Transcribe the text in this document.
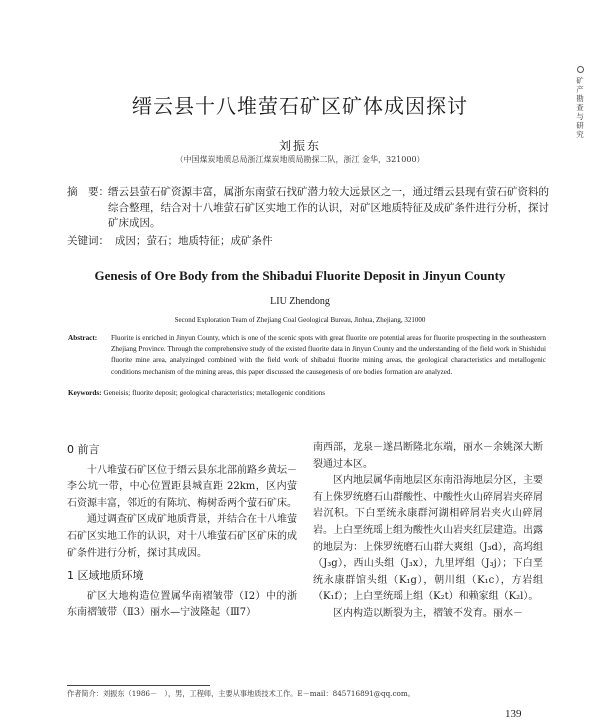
矿产勘查与研究
缙云县十八堆萤石矿区矿体成因探讨
刘振东
（中国煤炭地质总局浙江煤炭地质局勘探二队，浙江 金华，321000）
摘　要： 缙云县萤石矿资源丰富，属浙东南萤石找矿潜力较大远景区之一，通过缙云县现有萤石矿资料的综合整理，结合对十八堆萤石矿区实地工作的认识，对矿区地质特征及成矿条件进行分析，探讨矿床成因。
关键词： 成因；萤石；地质特征；成矿条件
Genesis of Ore Body from the Shibadui Fluorite Deposit in Jinyun County
LIU Zhendong
Second Exploration Team of Zhejiang Coal Geological Bureau, Jinhua, Zhejiang, 321000
Abstract: Fluorite is enriched in Jinyun County, which is one of the scenic spots with great fluorite ore potential areas for fluorite prospecting in the southeastern Zhejiang Province. Through the comprehensive study of the existed fluorite data in Jinyun County and the understanding of the field work in Shishidui fluorite mine area, analyzinged combined with the field work of shibadui fluorite mining areas, the geological characteristics and metallogenic conditions mechanism of the mining areas, this paper discussed the causegenesis of ore bodies formation are analyzed.
Keywords: Geneisis; fluorite deposit; geological characteristics; metallogenic conditions
0 前言

十八堆萤石矿区位于缙云县东北部前路乡黄坛－李公坑一带，中心位置距县城直距 22km，区内萤石资源丰富，邻近的有陈坑、梅树岙两个萤石矿床。

通过调查矿区成矿地质背景，并结合在十八堆萤石矿区实地工作的认识，对十八堆萤石矿区矿床的成矿条件进行分析，探讨其成因。

1 区域地质环境

矿区大地构造位置属华南褶皱带（Ⅰ2）中的浙东南褶皱带（Ⅱ3）丽水—宁波隆起（Ⅲ7）

南西部，龙泉－遂昌断隆北东端，丽水－余姚深大断裂通过本区。

区内地层属华南地层区东南沿海地层分区，主要有上侏罗统磨石山群酸性、中酸性火山碎屑岩夹碎屑岩沉积。下白垩统永康群河湖相碎屑岩夹火山碎屑岩。上白垩统瑶上组为酸性火山岩夹红层建造。出露的地层为：上侏罗统磨石山群大爽组（J₃d），高坞组（J₃g），西山头组（J₃x），九里坪组（J₃j）；下白垩统永康群馆头组（K₁g），朝川组（K₁c），方岩组（K₁f）；上白垩统瑶上组（K₂t）和赖家组（K₂l）。

区内构造以断裂为主，褶皱不发育。丽水－

作者简介：刘振东（1986－　），男，工程师，主要从事地质技术工作。E－mail：845716891@qq.com。
139
